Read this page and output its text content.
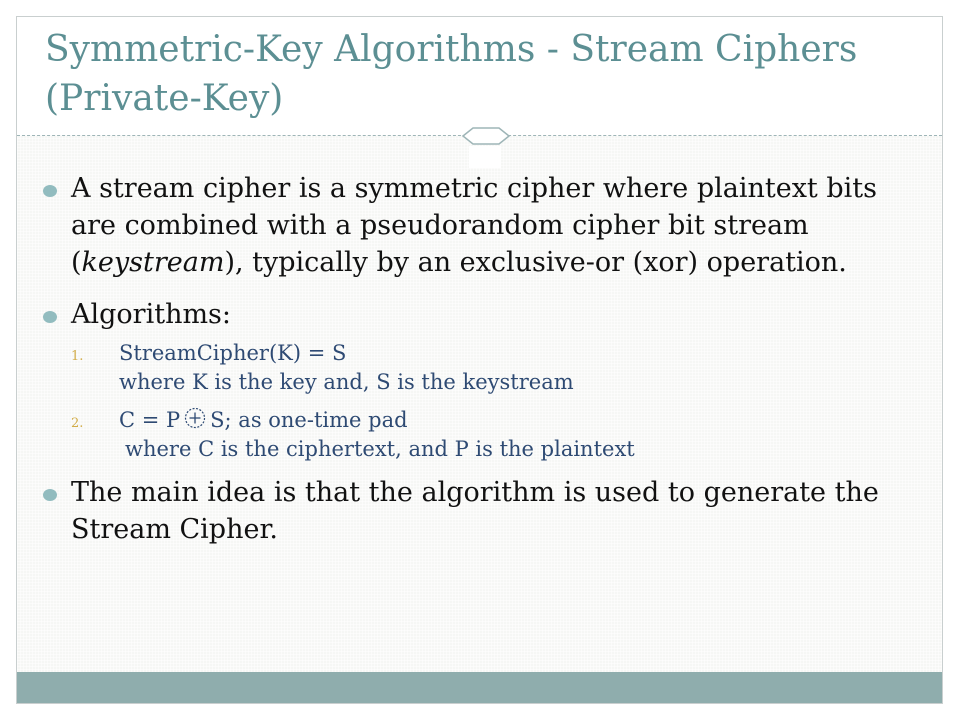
Symmetric-Key Algorithms - Stream Ciphers (Private-Key)
A stream cipher is a symmetric cipher where plaintext bits are combined with a pseudorandom cipher bit stream (keystream), typically by an exclusive-or (xor) operation.
Algorithms:
1. StreamCipher(K) = S
where K is the key and, S is the keystream
2. C = P S; as one-time pad
where C is the ciphertext, and P is the plaintext
The main idea is that the algorithm is used to generate the Stream Cipher.
